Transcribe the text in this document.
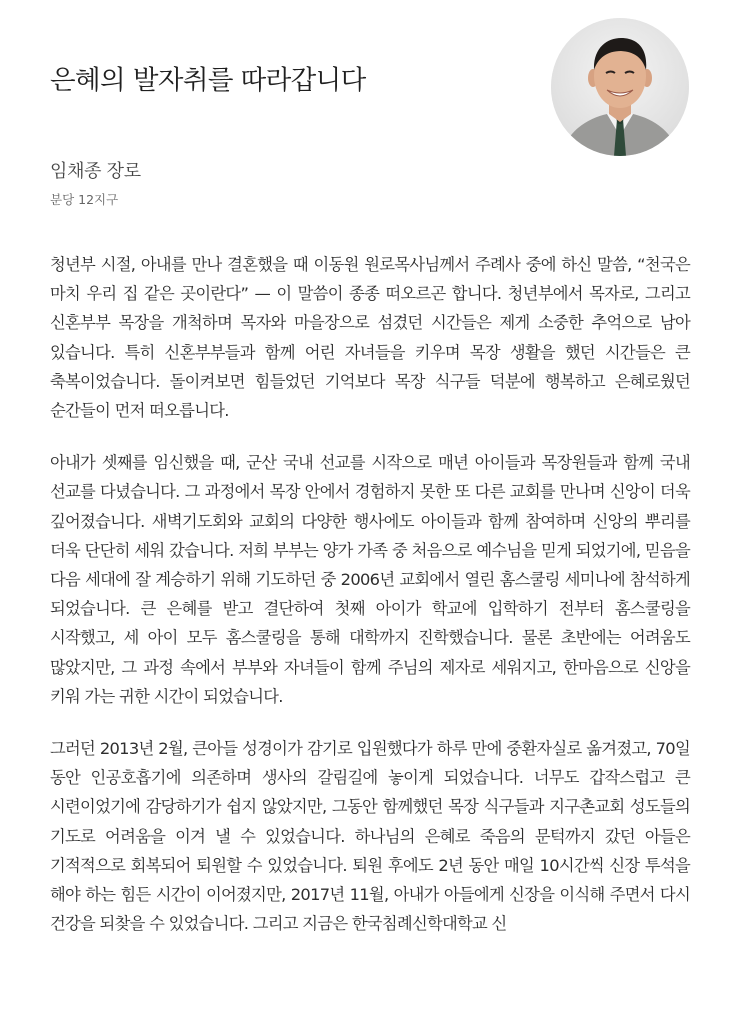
은혜의 발자취를 따라갑니다
임채종 장로
분당 12지구

청년부 시절, 아내를 만나 결혼했을 때 이동원 원로목사님께서 주례사 중에 하신 말씀, “천국은 마치 우리 집 같은 곳이란다” — 이 말씀이 종종 떠오르곤 합니다. 청년부에서 목자로, 그리고 신혼부부 목장을 개척하며 목자와 마을장으로 섬겼던 시간들은 제게 소중한 추억으로 남아 있습니다. 특히 신혼부부들과 함께 어린 자녀들을 키우며 목장 생활을 했던 시간들은 큰 축복이었습니다. 돌이켜보면 힘들었던 기억보다 목장 식구들 덕분에 행복하고 은혜로웠던 순간들이 먼저 떠오릅니다.

아내가 셋째를 임신했을 때, 군산 국내 선교를 시작으로 매년 아이들과 목장원들과 함께 국내 선교를 다녔습니다. 그 과정에서 목장 안에서 경험하지 못한 또 다른 교회를 만나며 신앙이 더욱 깊어졌습니다. 새벽기도회와 교회의 다양한 행사에도 아이들과 함께 참여하며 신앙의 뿌리를 더욱 단단히 세워 갔습니다. 저희 부부는 양가 가족 중 처음으로 예수님을 믿게 되었기에, 믿음을 다음 세대에 잘 계승하기 위해 기도하던 중 2006년 교회에서 열린 홈스쿨링 세미나에 참석하게 되었습니다. 큰 은혜를 받고 결단하여 첫째 아이가 학교에 입학하기 전부터 홈스쿨링을 시작했고, 세 아이 모두 홈스쿨링을 통해 대학까지 진학했습니다. 물론 초반에는 어려움도 많았지만, 그 과정 속에서 부부와 자녀들이 함께 주님의 제자로 세워지고, 한마음으로 신앙을 키워 가는 귀한 시간이 되었습니다.

그러던 2013년 2월, 큰아들 성경이가 감기로 입원했다가 하루 만에 중환자실로 옮겨졌고, 70일 동안 인공호흡기에 의존하며 생사의 갈림길에 놓이게 되었습니다. 너무도 갑작스럽고 큰 시련이었기에 감당하기가 쉽지 않았지만, 그동안 함께했던 목장 식구들과 지구촌교회 성도들의 기도로 어려움을 이겨 낼 수 있었습니다. 하나님의 은혜로 죽음의 문턱까지 갔던 아들은 기적적으로 회복되어 퇴원할 수 있었습니다. 퇴원 후에도 2년 동안 매일 10시간씩 신장 투석을 해야 하는 힘든 시간이 이어졌지만, 2017년 11월, 아내가 아들에게 신장을 이식해 주면서 다시 건강을 되찾을 수 있었습니다. 그리고 지금은 한국침례신학대학교 신
